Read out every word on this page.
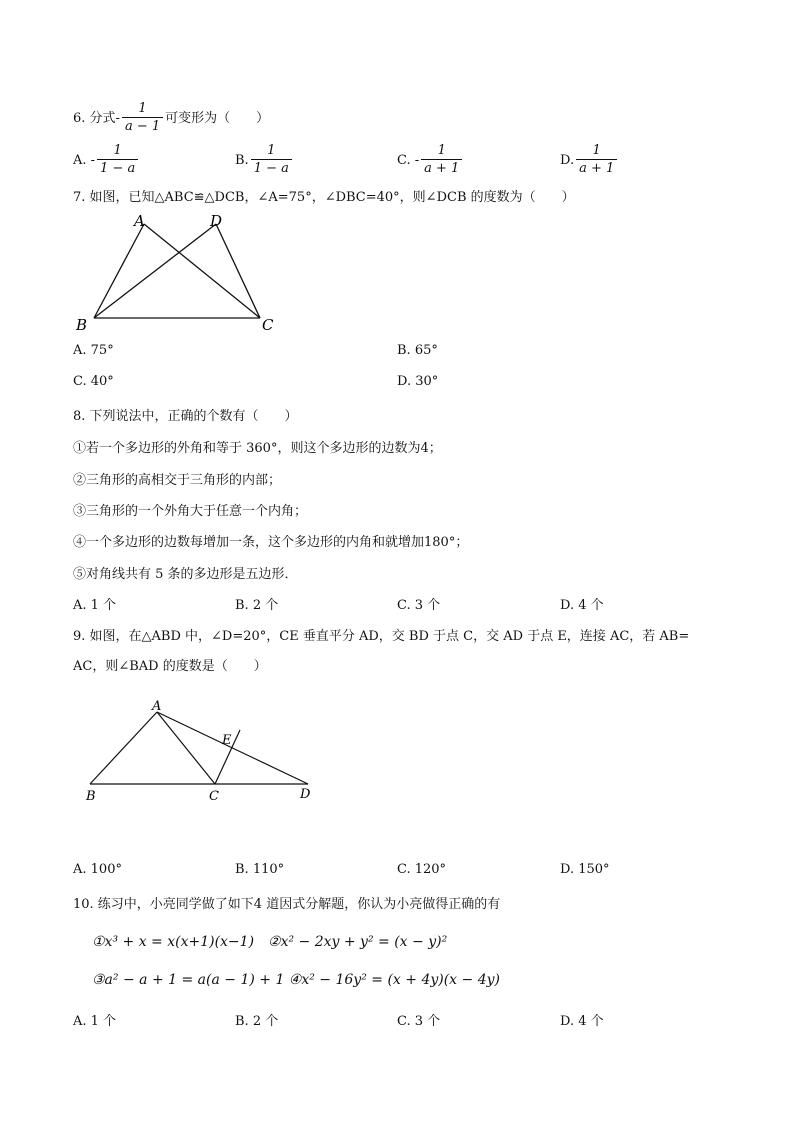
6. 分式- $\frac{1}{a - 1}$ 可变形为（　　）
A. - $\frac{1}{1 - a}$	B. $\frac{1}{1 - a}$	C. - $\frac{1}{a + 1}$	D. $\frac{1}{a + 1}$
7. 如图，已知△ABC≌△DCB，∠A=75°，∠DBC=40°，则∠DCB 的度数为（　　）
A	D
B	C
A. 75°	B. 65°
C. 40°	D. 30°
8. 下列说法中，正确的个数有（　　）
①若一个多边形的外角和等于 360°，则这个多边形的边数为4；
②三角形的高相交于三角形的内部；
③三角形的一个外角大于任意一个内角；
④一个多边形的边数每增加一条，这个多边形的内角和就增加180°；
⑤对角线共有 5 条的多边形是五边形．
A. 1 个	B. 2 个	C. 3 个	D. 4 个
9. 如图，在△ABD 中，∠D=20°，CE 垂直平分 AD，交 BD 于点 C，交 AD 于点 E，连接 AC，若 AB=
AC，则∠BAD 的度数是（　　）
A
E
B	C	D
A. 100°	B. 110°	C. 120°	D. 150°
10. 练习中，小亮同学做了如下4 道因式分解题，你认为小亮做得正确的有
①x³ + x = x(x+1)(x−1)　②x² − 2xy + y² = (x − y)²
③a² − a + 1 = a(a − 1) + 1 ④x² − 16y² = (x + 4y)(x − 4y)
A. 1 个	B. 2 个	C. 3 个	D. 4 个
